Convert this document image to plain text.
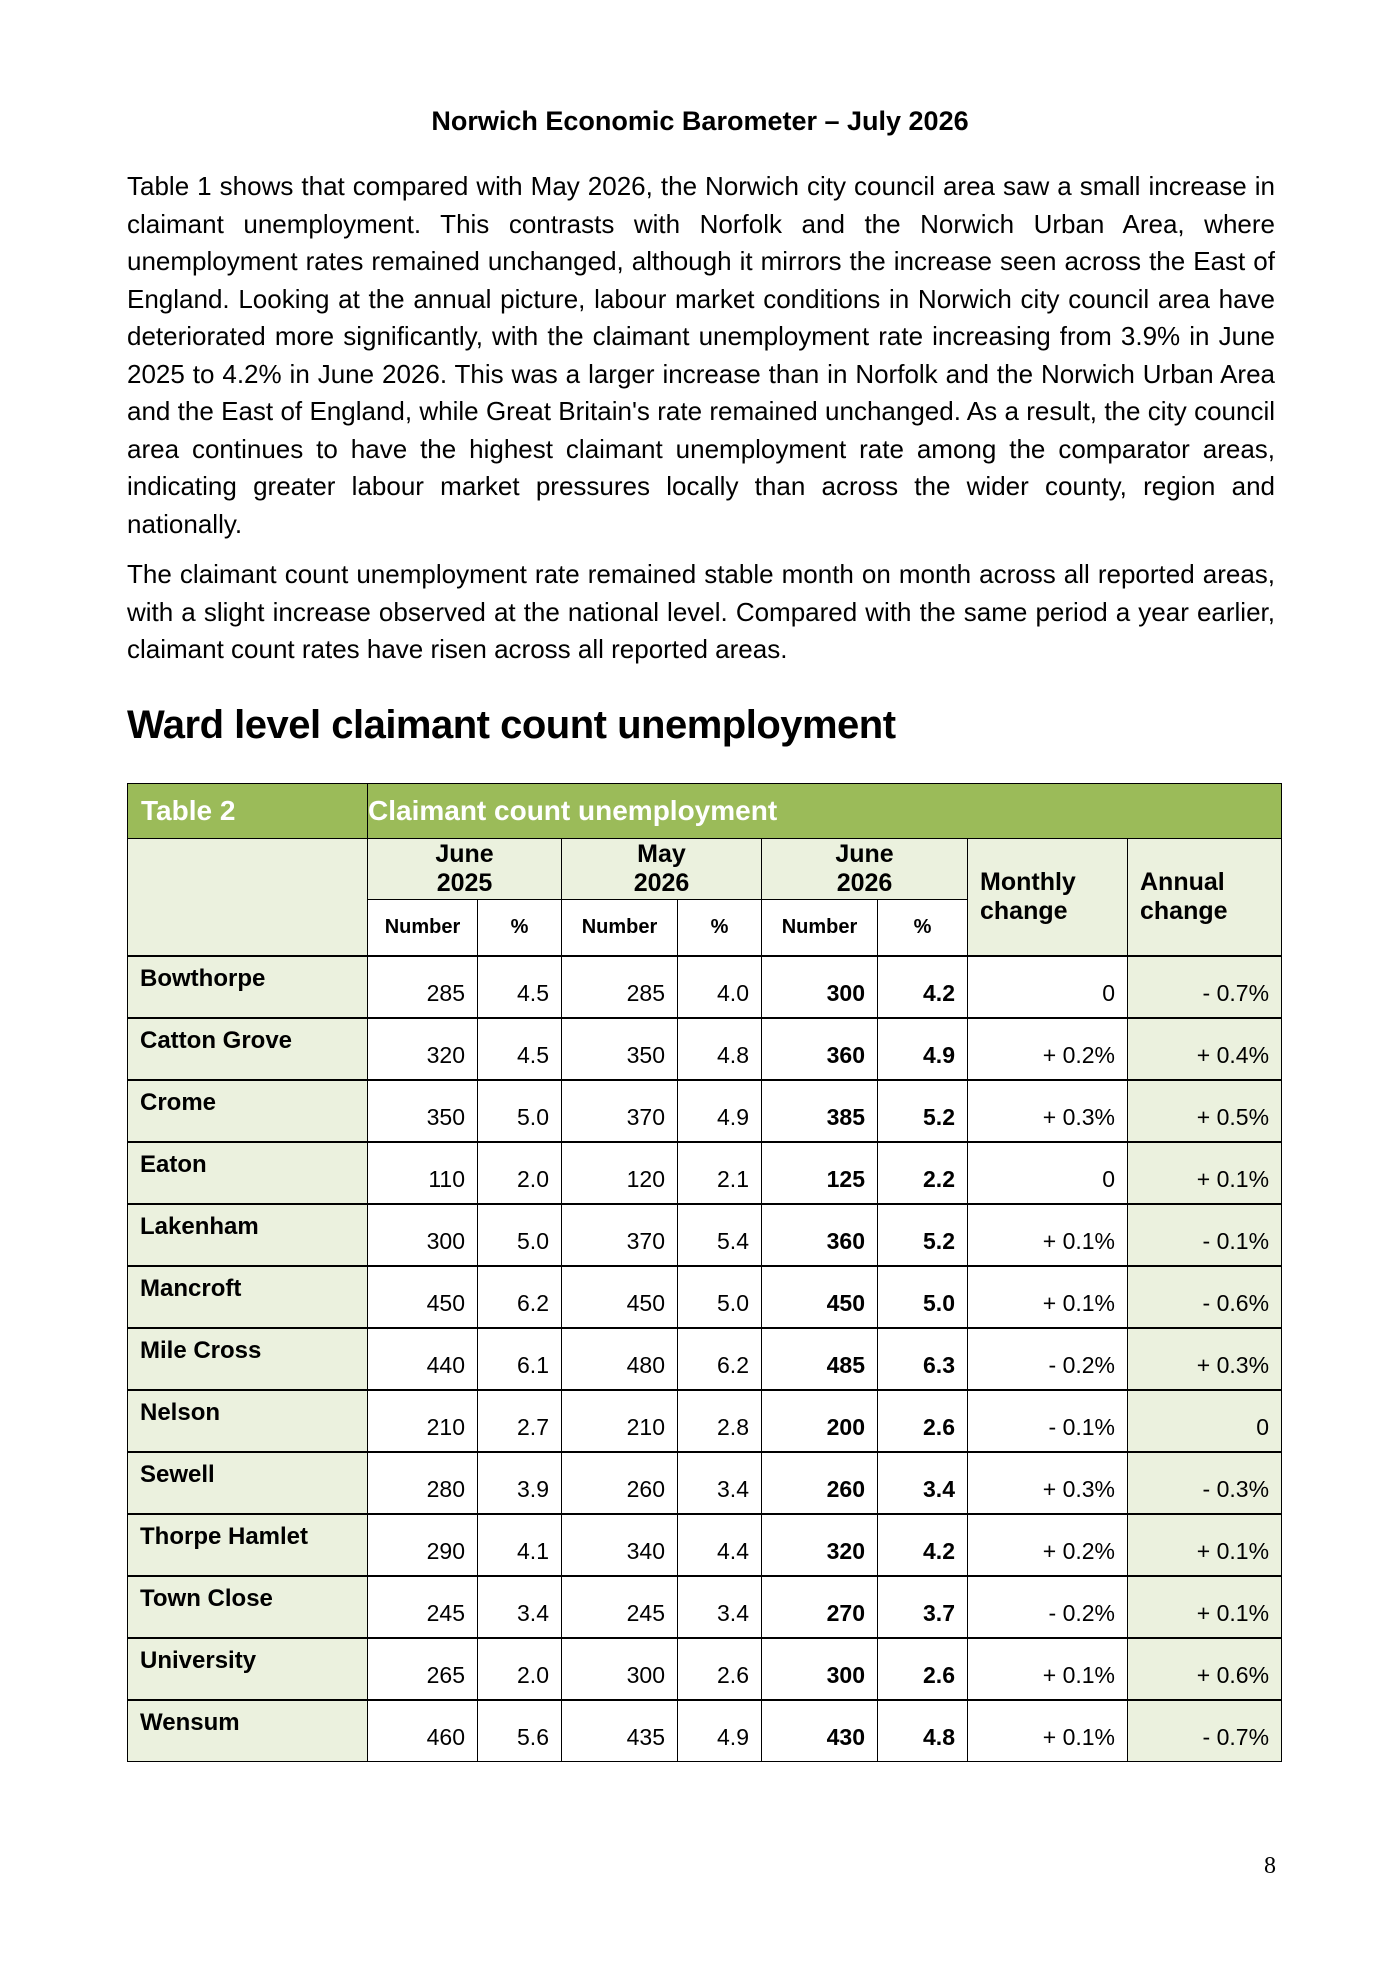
Norwich Economic Barometer – July 2026

Table 1 shows that compared with May 2026, the Norwich city council area saw a small increase in claimant unemployment. This contrasts with Norfolk and the Norwich Urban Area, where unemployment rates remained unchanged, although it mirrors the increase seen across the East of England. Looking at the annual picture, labour market conditions in Norwich city council area have deteriorated more significantly, with the claimant unemployment rate increasing from 3.9% in June 2025 to 4.2% in June 2026. This was a larger increase than in Norfolk and the Norwich Urban Area and the East of England, while Great Britain's rate remained unchanged. As a result, the city council area continues to have the highest claimant unemployment rate among the comparator areas, indicating greater labour market pressures locally than across the wider county, region and nationally.

The claimant count unemployment rate remained stable month on month across all reported areas, with a slight increase observed at the national level. Compared with the same period a year earlier, claimant count rates have risen across all reported areas.

Ward level claimant count unemployment
Table 2	Claimant count unemployment							
	June 2025		May 2026		June 2026		Monthly change	Annual change
	Number	%	Number	%	Number	%		
Bowthorpe	285	4.5	285	4.0	300	4.2	0	- 0.7%
Catton Grove	320	4.5	350	4.8	360	4.9	+ 0.2%	+ 0.4%
Crome	350	5.0	370	4.9	385	5.2	+ 0.3%	+ 0.5%
Eaton	110	2.0	120	2.1	125	2.2	0	+ 0.1%
Lakenham	300	5.0	370	5.4	360	5.2	+ 0.1%	- 0.1%
Mancroft	450	6.2	450	5.0	450	5.0	+ 0.1%	- 0.6%
Mile Cross	440	6.1	480	6.2	485	6.3	- 0.2%	+ 0.3%
Nelson	210	2.7	210	2.8	200	2.6	- 0.1%	0
Sewell	280	3.9	260	3.4	260	3.4	+ 0.3%	- 0.3%
Thorpe Hamlet	290	4.1	340	4.4	320	4.2	+ 0.2%	+ 0.1%
Town Close	245	3.4	245	3.4	270	3.7	- 0.2%	+ 0.1%
University	265	2.0	300	2.6	300	2.6	+ 0.1%	+ 0.6%
Wensum	460	5.6	435	4.9	430	4.8	+ 0.1%	- 0.7%
8
